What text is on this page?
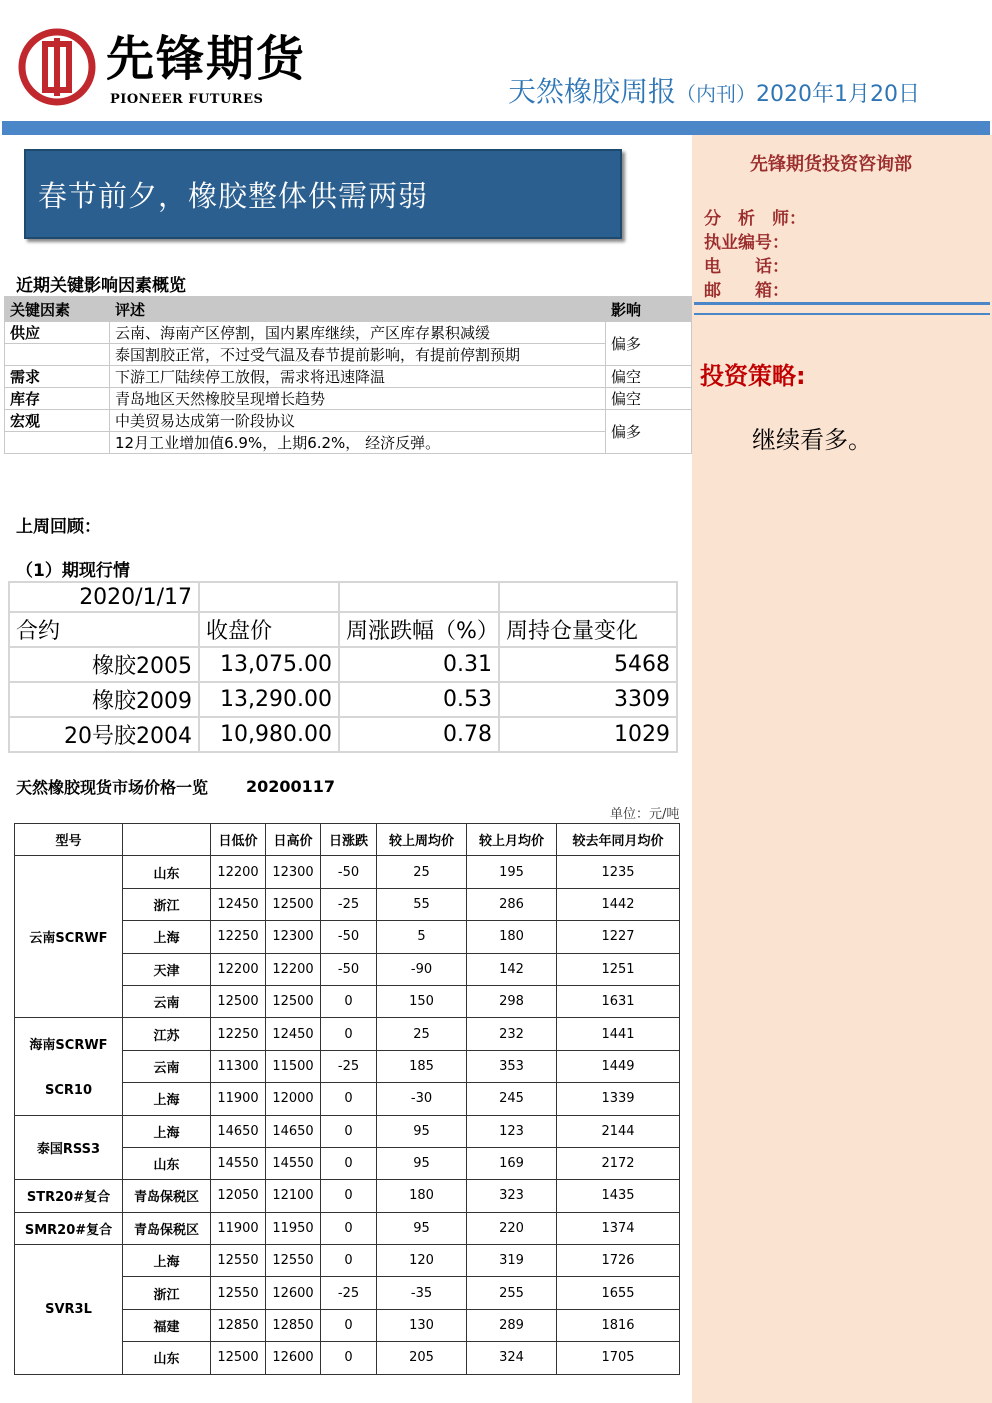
先锋期货
PIONEER FUTURES	天然橡胶周报（内刊）2020年1月20日
先锋期货投资咨询部
分　析　师：
执业编号：
电　　话：
邮　　箱：
投资策略:
继续看多。
春节前夕，橡胶整体供需两弱
近期关键影响因素概览
关键因素	评述	影响
供应	云南、海南产区停割，国内累库继续，产区库存累积减缓	偏多
	泰国割胶正常，不过受气温及春节提前影响，有提前停割预期	
需求	下游工厂陆续停工放假，需求将迅速降温	偏空
库存	青岛地区天然橡胶呈现增长趋势	偏空
宏观	中美贸易达成第一阶段协议	偏多
	12月工业增加值6.9%，上期6.2%， 经济反弹。	
上周回顾：
（1）期现行情
2020/1/17			
合约	收盘价	周涨跌幅（%）	周持仓量变化
橡胶2005	13,075.00	0.31	5468
橡胶2009	13,290.00	0.53	3309
20号胶2004	10,980.00	0.78	1029
天然橡胶现货市场价格一览 20200117
单位：元/吨
型号		日低价	日高价	日涨跌	较上周均价	较上月均价	较去年同月均价

云南SCRWF	山东	12200	12300	-50	25	195	1235
	浙江	12450	12500	-25	55	286	1442
	上海	12250	12300	-50	5	180	1227
	天津	12200	12200	-50	-90	142	1251
	云南	12500	12500	0	150	298	1631

海南SCRWF
SCR10	江苏	12250	12450	0	25	232	1441
	云南	11300	11500	-25	185	353	1449
	上海	11900	12000	0	-30	245	1339

泰国RSS3	上海	14650	14650	0	95	123	2144
	山东	14550	14550	0	95	169	2172

STR20#复合	青岛保税区	12050	12100	0	180	323	1435

SMR20#复合	青岛保税区	11900	11950	0	95	220	1374

SVR3L	上海	12550	12550	0	120	319	1726
	浙江	12550	12600	-25	-35	255	1655
	福建	12850	12850	0	130	289	1816
	山东	12500	12600	0	205	324	1705
